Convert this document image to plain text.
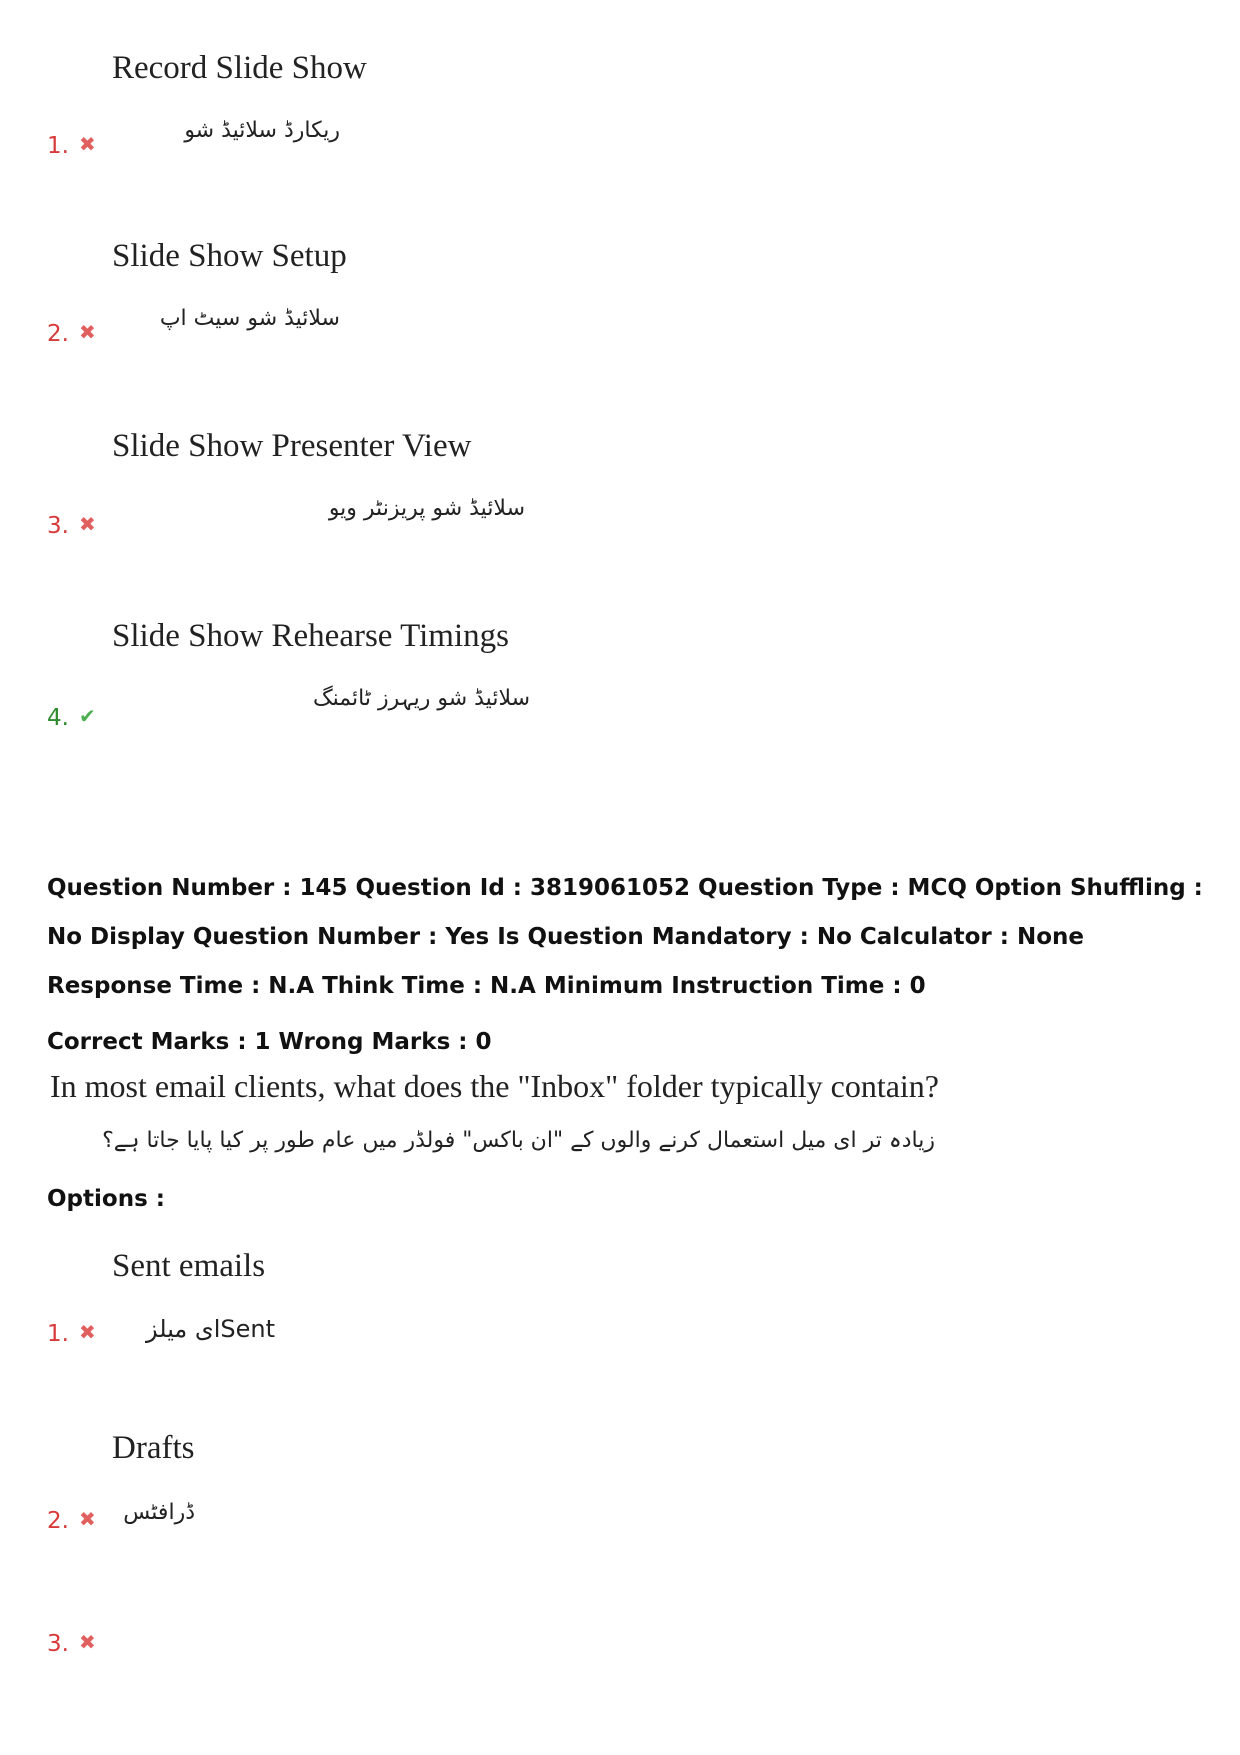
Record Slide Show
ریکارڈ سلائیڈ شو
1. ✖
Slide Show Setup
سلائیڈ شو سیٹ اپ
2. ✖
Slide Show Presenter View
سلائیڈ شو پریزنٹر ویو
3. ✖
Slide Show Rehearse Timings
سلائیڈ شو ریہرز ٹائمنگ
4. ✔
Question Number : 145 Question Id : 3819061052 Question Type : MCQ Option Shuffling : No Display Question Number : Yes Is Question Mandatory : No Calculator : None Response Time : N.A Think Time : N.A Minimum Instruction Time : 0
Correct Marks : 1 Wrong Marks : 0
In most email clients, what does the "Inbox" folder typically contain?
زیادہ تر ای میل استعمال کرنے والوں کے "ان باکس" فولڈر میں عام طور پر کیا پایا جاتا ہے؟
Options :
Sent emails
Sentای میلز
1. ✖
Drafts
ڈرافٹس
2. ✖
3. ✖
